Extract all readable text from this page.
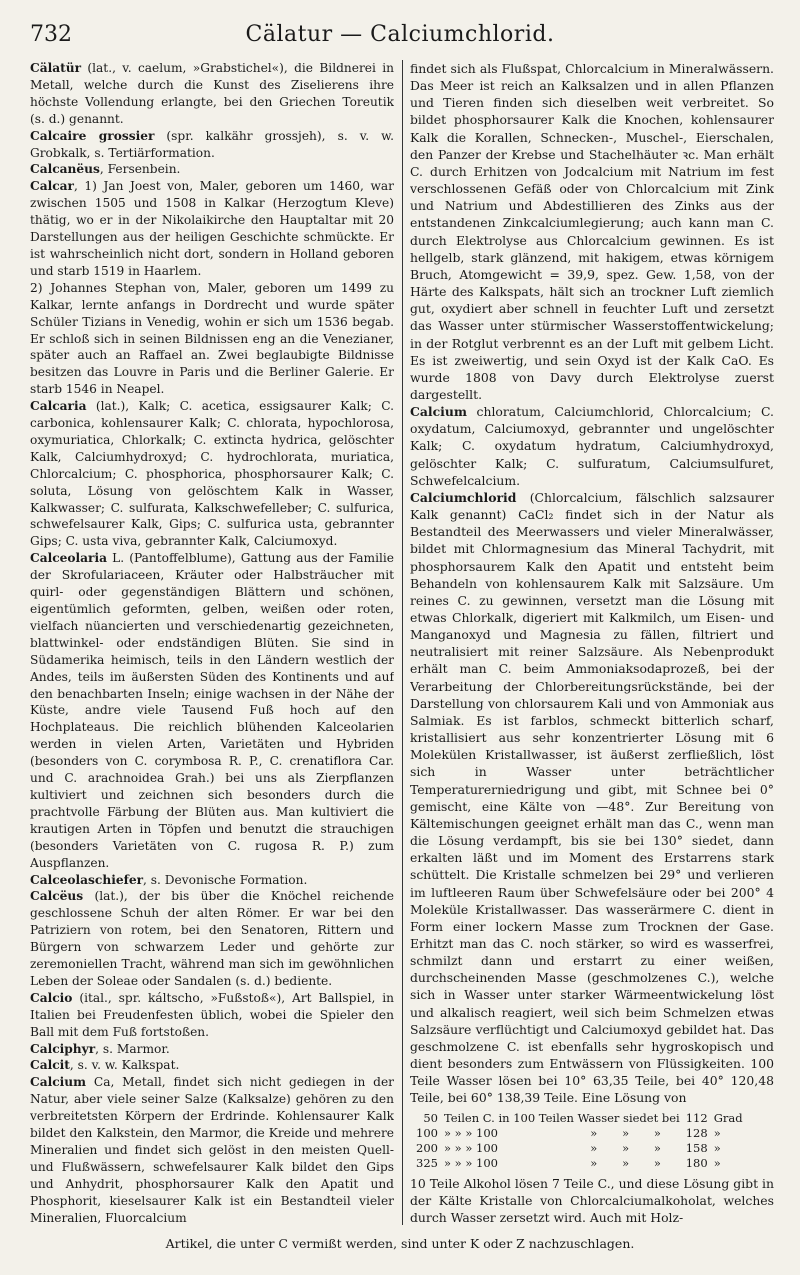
732	Cälatur — Calciumchlorid.
Cälatür (lat., v. caelum, »Grabstichel«), die Bildnerei in Metall, welche durch die Kunst des Ziselierens ihre höchste Vollendung erlangte, bei den Griechen Toreutik (s. d.) genannt.
Calcaire grossier (spr. kalkähr grossjeh), s. v. w. Grobkalk, s. Tertiärformation.
Calcanëus, Fersenbein.
Calcar, 1) Jan Joest von, Maler, geboren um 1460, war zwischen 1505 und 1508 in Kalkar (Herzogtum Kleve) thätig, wo er in der Nikolaikirche den Hauptaltar mit 20 Darstellungen aus der heiligen Geschichte schmückte. Er ist wahrscheinlich nicht dort, sondern in Holland geboren und starb 1519 in Haarlem.
2) Johannes Stephan von, Maler, geboren um 1499 zu Kalkar, lernte anfangs in Dordrecht und wurde später Schüler Tizians in Venedig, wohin er sich um 1536 begab. Er schloß sich in seinen Bildnissen eng an die Venezianer, später auch an Raffael an. Zwei beglaubigte Bildnisse besitzen das Louvre in Paris und die Berliner Galerie. Er starb 1546 in Neapel.
Calcaria (lat.), Kalk; C. acetica, essigsaurer Kalk; C. carbonica, kohlensaurer Kalk; C. chlorata, hypochlorosa, oxymuriatica, Chlorkalk; C. extincta hydrica, gelöschter Kalk, Calciumhydroxyd; C. hydrochlorata, muriatica, Chlorcalcium; C. phosphorica, phosphorsaurer Kalk; C. soluta, Lösung von gelöschtem Kalk in Wasser, Kalkwasser; C. sulfurata, Kalkschwefelleber; C. sulfurica, schwefelsaurer Kalk, Gips; C. sulfurica usta, gebrannter Gips; C. usta viva, gebrannter Kalk, Calciumoxyd.
Calceolaria L. (Pantoffelblume), Gattung aus der Familie der Skrofulariaceen, Kräuter oder Halbsträucher mit quirl- oder gegenständigen Blättern und schönen, eigentümlich geformten, gelben, weißen oder roten, vielfach nüancierten und verschiedenartig gezeichneten, blattwinkel- oder endständigen Blüten. Sie sind in Südamerika heimisch, teils in den Ländern westlich der Andes, teils im äußersten Süden des Kontinents und auf den benachbarten Inseln; einige wachsen in der Nähe der Küste, andre viele Tausend Fuß hoch auf den Hochplateaus. Die reichlich blühenden Kalceolarien werden in vielen Arten, Varietäten und Hybriden (besonders von C. corymbosa R. P., C. crenatiflora Car. und C. arachnoidea Grah.) bei uns als Zierpflanzen kultiviert und zeichnen sich besonders durch die prachtvolle Färbung der Blüten aus. Man kultiviert die krautigen Arten in Töpfen und benutzt die strauchigen (besonders Varietäten von C. rugosa R. P.) zum Auspflanzen.
Calceolaschiefer, s. Devonische Formation.
Calcëus (lat.), der bis über die Knöchel reichende geschlossene Schuh der alten Römer. Er war bei den Patriziern von rotem, bei den Senatoren, Rittern und Bürgern von schwarzem Leder und gehörte zur zeremoniellen Tracht, während man sich im gewöhnlichen Leben der Soleae oder Sandalen (s. d.) bediente.
Calcio (ital., spr. káltscho, »Fußstoß«), Art Ballspiel, in Italien bei Freudenfesten üblich, wobei die Spieler den Ball mit dem Fuß fortstoßen.
Calciphyr, s. Marmor.
Calcit, s. v. w. Kalkspat.
Calcium Ca, Metall, findet sich nicht gediegen in der Natur, aber viele seiner Salze (Kalksalze) gehören zu den verbreitetsten Körpern der Erdrinde. Kohlensaurer Kalk bildet den Kalkstein, den Marmor, die Kreide und mehrere Mineralien und findet sich gelöst in den meisten Quell- und Flußwässern, schwefelsaurer Kalk bildet den Gips und Anhydrit, phosphorsaurer Kalk den Apatit und Phosphorit, kieselsaurer Kalk ist ein Bestandteil vieler Mineralien, Fluorcalcium
findet sich als Flußspat, Chlorcalcium in Mineralwässern. Das Meer ist reich an Kalksalzen und in allen Pflanzen und Tieren finden sich dieselben weit verbreitet. So bildet phosphorsaurer Kalk die Knochen, kohlensaurer Kalk die Korallen, Schnecken-, Muschel-, Eierschalen, den Panzer der Krebse und Stachelhäuter ꝛc. Man erhält C. durch Erhitzen von Jodcalcium mit Natrium im fest verschlossenen Gefäß oder von Chlorcalcium mit Zink und Natrium und Abdestillieren des Zinks aus der entstandenen Zinkcalciumlegierung; auch kann man C. durch Elektrolyse aus Chlorcalcium gewinnen. Es ist hellgelb, stark glänzend, mit hakigem, etwas körnigem Bruch, Atomgewicht = 39,9, spez. Gew. 1,58, von der Härte des Kalkspats, hält sich an trockner Luft ziemlich gut, oxydiert aber schnell in feuchter Luft und zersetzt das Wasser unter stürmischer Wasserstoffentwickelung; in der Rotglut verbrennt es an der Luft mit gelbem Licht. Es ist zweiwertig, und sein Oxyd ist der Kalk CaO. Es wurde 1808 von Davy durch Elektrolyse zuerst dargestellt.
Calcium chloratum, Calciumchlorid, Chlorcalcium; C. oxydatum, Calciumoxyd, gebrannter und ungelöschter Kalk; C. oxydatum hydratum, Calciumhydroxyd, gelöschter Kalk; C. sulfuratum, Calciumsulfuret, Schwefelcalcium.
Calciumchlorid (Chlorcalcium, fälschlich salzsaurer Kalk genannt) CaCl₂ findet sich in der Natur als Bestandteil des Meerwassers und vieler Mineralwässer, bildet mit Chlormagnesium das Mineral Tachydrit, mit phosphorsaurem Kalk den Apatit und entsteht beim Behandeln von kohlensaurem Kalk mit Salzsäure. Um reines C. zu gewinnen, versetzt man die Lösung mit etwas Chlorkalk, digeriert mit Kalkmilch, um Eisen- und Manganoxyd und Magnesia zu fällen, filtriert und neutralisiert mit reiner Salzsäure. Als Nebenprodukt erhält man C. beim Ammoniaksodaprozeß, bei der Verarbeitung der Chlorbereitungsrückstände, bei der Darstellung von chlorsaurem Kali und von Ammoniak aus Salmiak. Es ist farblos, schmeckt bitterlich scharf, kristallisiert aus sehr konzentrierter Lösung mit 6 Molekülen Kristallwasser, ist äußerst zerfließlich, löst sich in Wasser unter beträchtlicher Temperaturerniedrigung und gibt, mit Schnee bei 0° gemischt, eine Kälte von —48°. Zur Bereitung von Kältemischungen geeignet erhält man das C., wenn man die Lösung verdampft, bis sie bei 130° siedet, dann erkalten läßt und im Moment des Erstarrens stark schüttelt. Die Kristalle schmelzen bei 29° und verlieren im luftleeren Raum über Schwefelsäure oder bei 200° 4 Moleküle Kristallwasser. Das wasserärmere C. dient in Form einer lockern Masse zum Trocknen der Gase. Erhitzt man das C. noch stärker, so wird es wasserfrei, schmilzt dann und erstarrt zu einer weißen, durchscheinenden Masse (geschmolzenes C.), welche sich in Wasser unter starker Wärmeentwickelung löst und alkalisch reagiert, weil sich beim Schmelzen etwas Salzsäure verflüchtigt und Calciumoxyd gebildet hat. Das geschmolzene C. ist ebenfalls sehr hygroskopisch und dient besonders zum Entwässern von Flüssigkeiten. 100 Teile Wasser lösen bei 10° 63,35 Teile, bei 40° 120,48 Teile, bei 60° 138,39 Teile. Eine Lösung von
50	Teilen C. in 100 Teilen Wasser siedet bei				112	Grad
100	» » » 100	»	»	»	128	»
200	» » » 100	»	»	»	158	»
325	» » » 100	»	»	»	180	»
10 Teile Alkohol lösen 7 Teile C., und diese Lösung gibt in der Kälte Kristalle von Chlorcalciumalkoholat, welches durch Wasser zersetzt wird. Auch mit Holz-
Artikel, die unter C vermißt werden, sind unter K oder Z nachzuschlagen.
